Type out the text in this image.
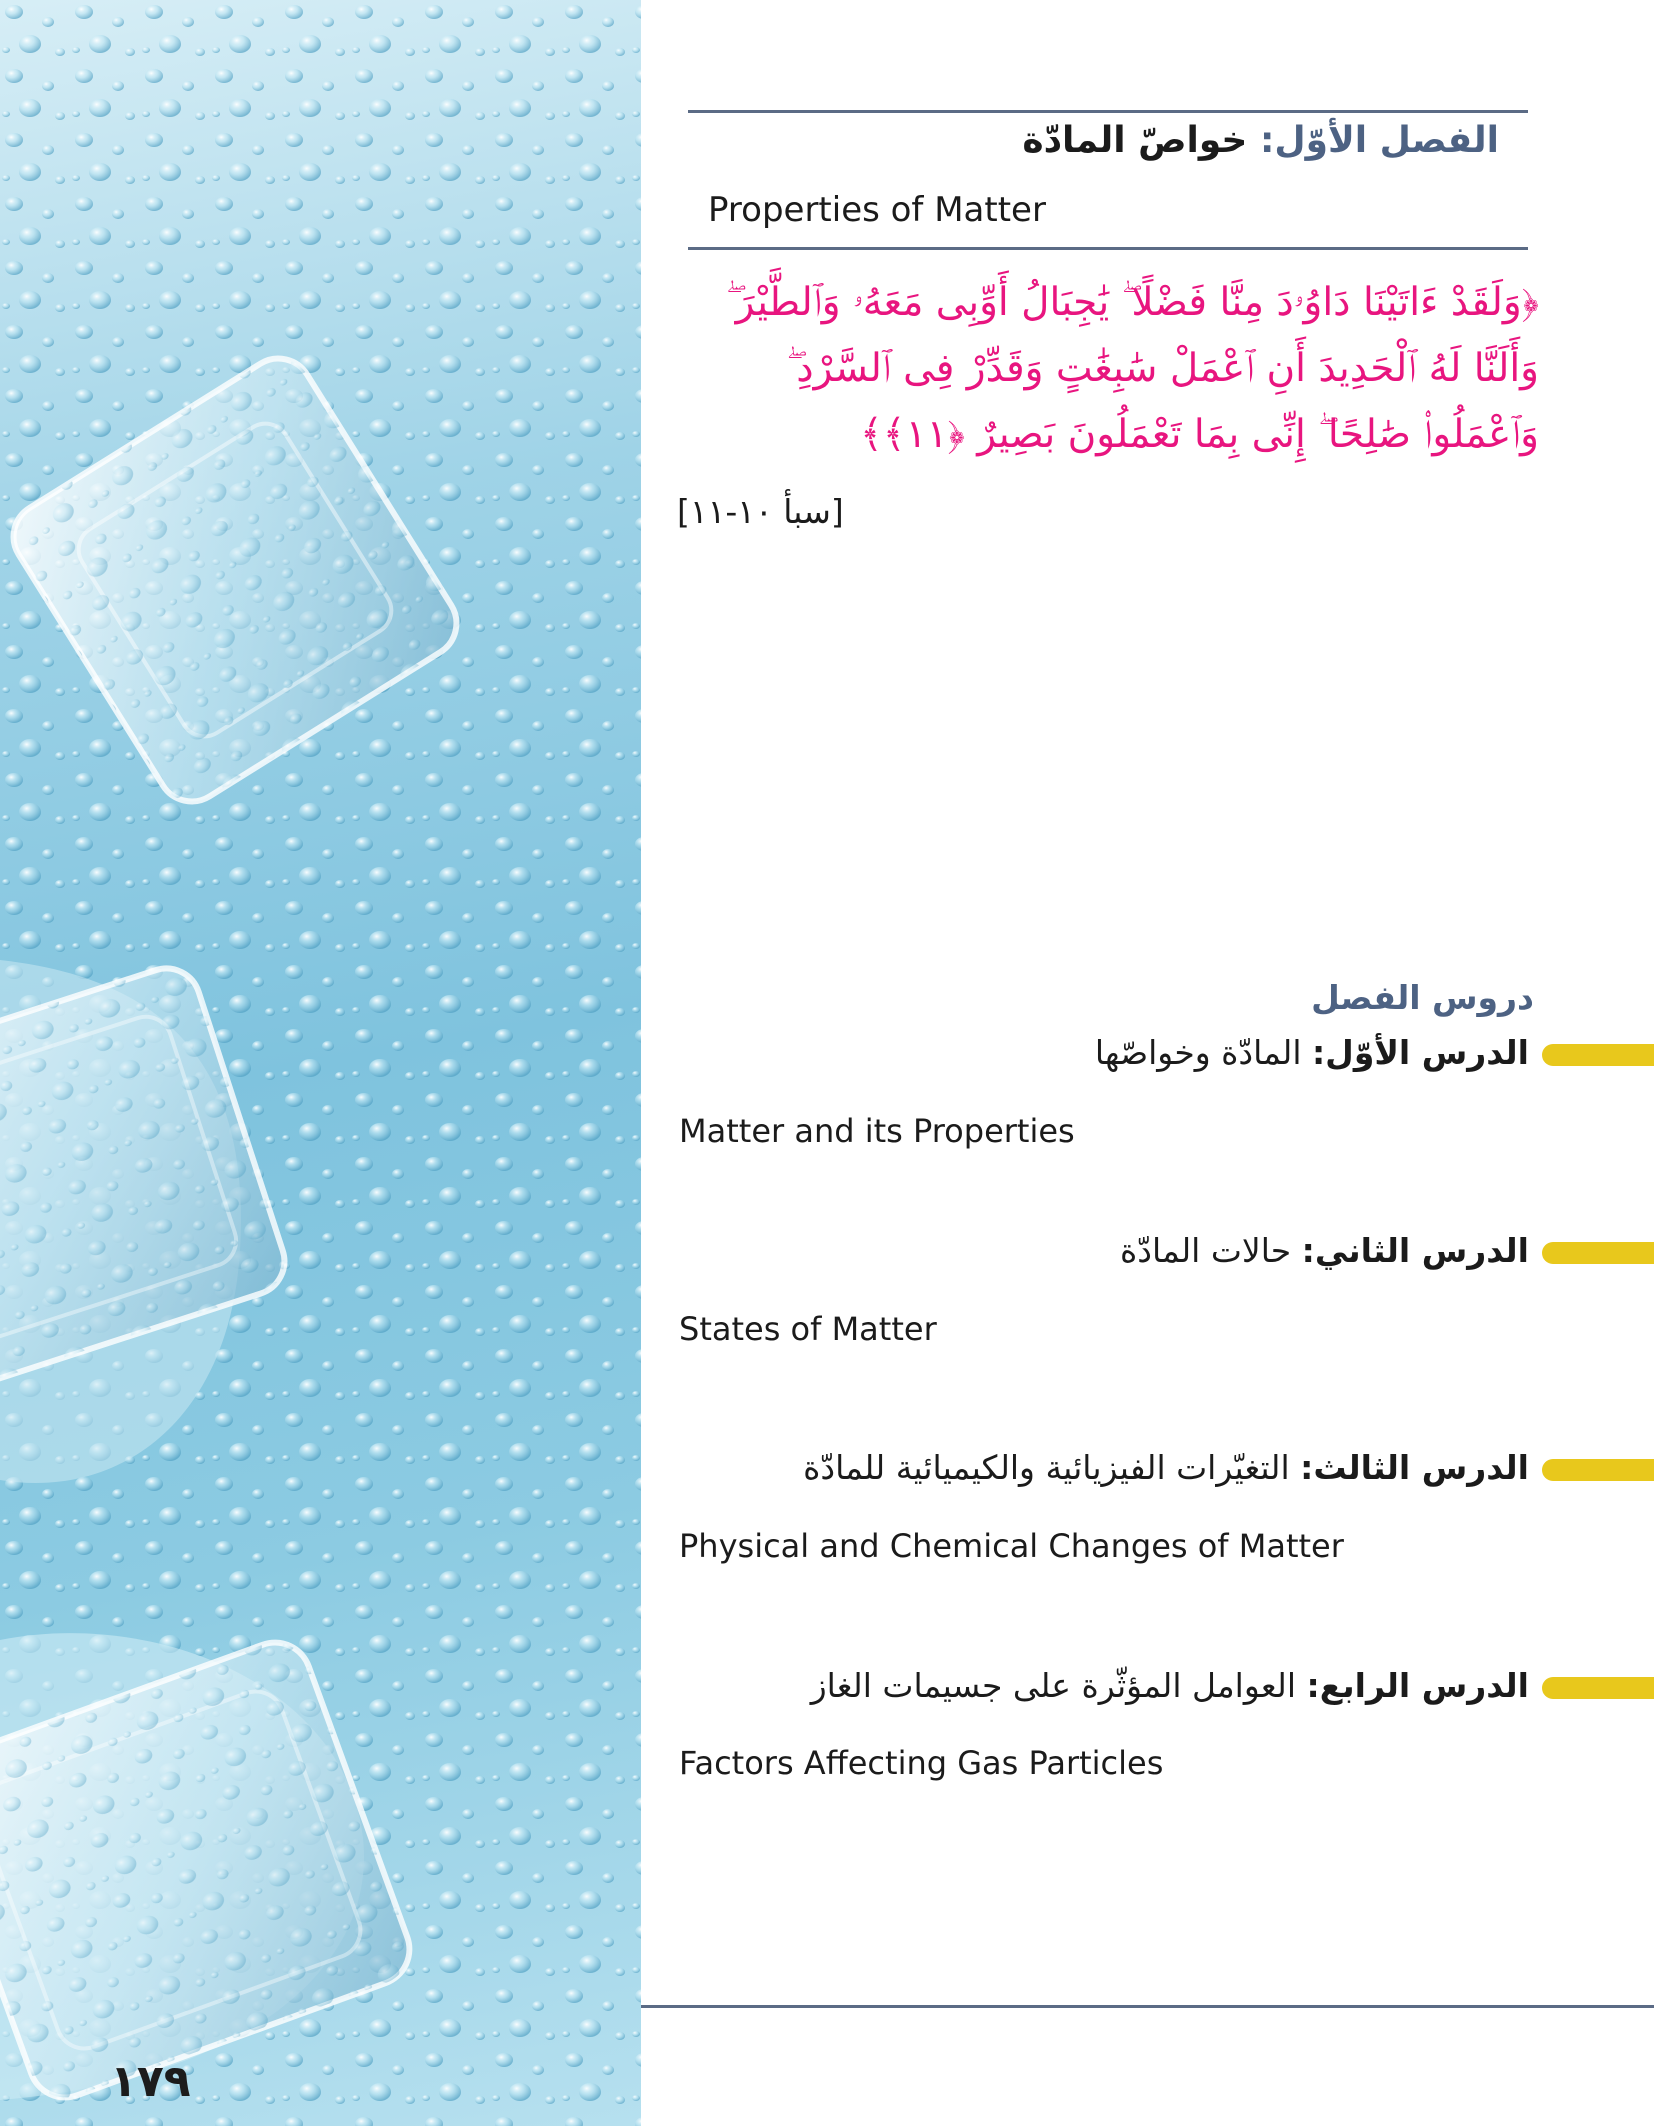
١٧٩
الفصل الأوّل: خواصّ المادّة
Properties of Matter
﴿وَلَقَدْ ءَاتَيْنَا دَاوُۥدَ مِنَّا فَضْلًا ۖ يَٰجِبَالُ أَوِّبِى مَعَهُۥ وَٱلطَّيْرَ ۖ وَأَلَنَّا لَهُ ٱلْحَدِيدَ أَنِ ٱعْمَلْ سَٰبِغَٰتٍ وَقَدِّرْ فِى ٱلسَّرْدِ ۖ وَٱعْمَلُوا۟ صَٰلِحًا ۖ إِنِّى بِمَا تَعْمَلُونَ بَصِيرٌ ﴿١١﴾﴾
[سبأ ١٠-١١]
دروس الفصل
الدرس الأوّل: المادّة وخواصّها
Matter and its Properties
الدرس الثاني: حالات المادّة
States of Matter
الدرس الثالث: التغيّرات الفيزيائية والكيميائية للمادّة
Physical and Chemical Changes of Matter
الدرس الرابع: العوامل المؤثّرة على جسيمات الغاز
Factors Affecting Gas Particles
